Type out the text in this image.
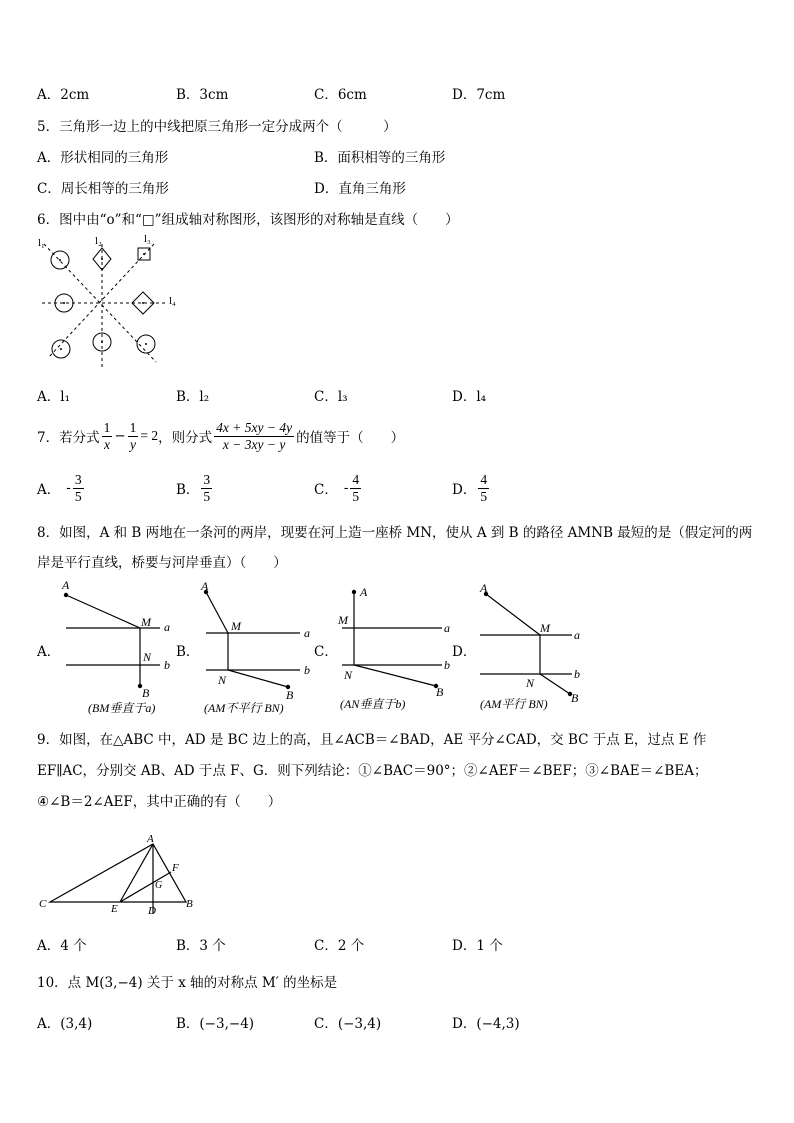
A．2cm	B．3cm	C．6cm	D．7cm
5．三角形一边上的中线把原三角形一定分成两个（　　　）
A．形状相同的三角形	B．面积相等的三角形
C．周长相等的三角形	D．直角三角形
6．图中由“o”和“□”组成轴对称图形，该图形的对称轴是直线（　　）
l₁	l₂	l₃
l₄
A．l₁	B．l₂	C．l₃	D．l₄
7．若分式 $\frac{1}{x} - \frac{1}{y} = 2$ ，则分式 $\frac{4x + 5xy - 4y}{x - 3xy - y}$ 的值等于（　　）
A． - $\frac{3}{5}$	B． $\frac{3}{5}$	C． - $\frac{4}{5}$	D． $\frac{4}{5}$
8．如图，A 和 B 两地在一条河的两岸，现要在河上造一座桥 MN，使从 A 到 B 的路径 AMNB 最短的是（假定河的两
岸是平行直线，桥要与河岸垂直）（　　）
A．	B．	C．	D．
A
M a
N
b
B
(BM垂直于a)
A
M	a
N
b
B
(AM不平行 BN)
A
M
a
N
b
B
(AN垂直于b)
A
M a
N
b
B
(AM平行 BN)
9．如图，在△ABC 中，AD 是 BC 边上的高，且∠ACB＝∠BAD，AE 平分∠CAD，交 BC 于点 E，过点 E 作
EF∥AC，分别交 AB、AD 于点 F、G．则下列结论：①∠BAC＝90°；②∠AEF＝∠BEF；③∠BAE＝∠BEA；
④∠B＝2∠AEF，其中正确的有（　　）
A
B
C
D
E
F
G
A．4 个	B．3 个	C．2 个	D．1 个
10．点 M(3,−4) 关于 x 轴的对称点 M′ 的坐标是
A．(3,4)	B．(−3,−4)	C．(−3,4)	D．(−4,3)
